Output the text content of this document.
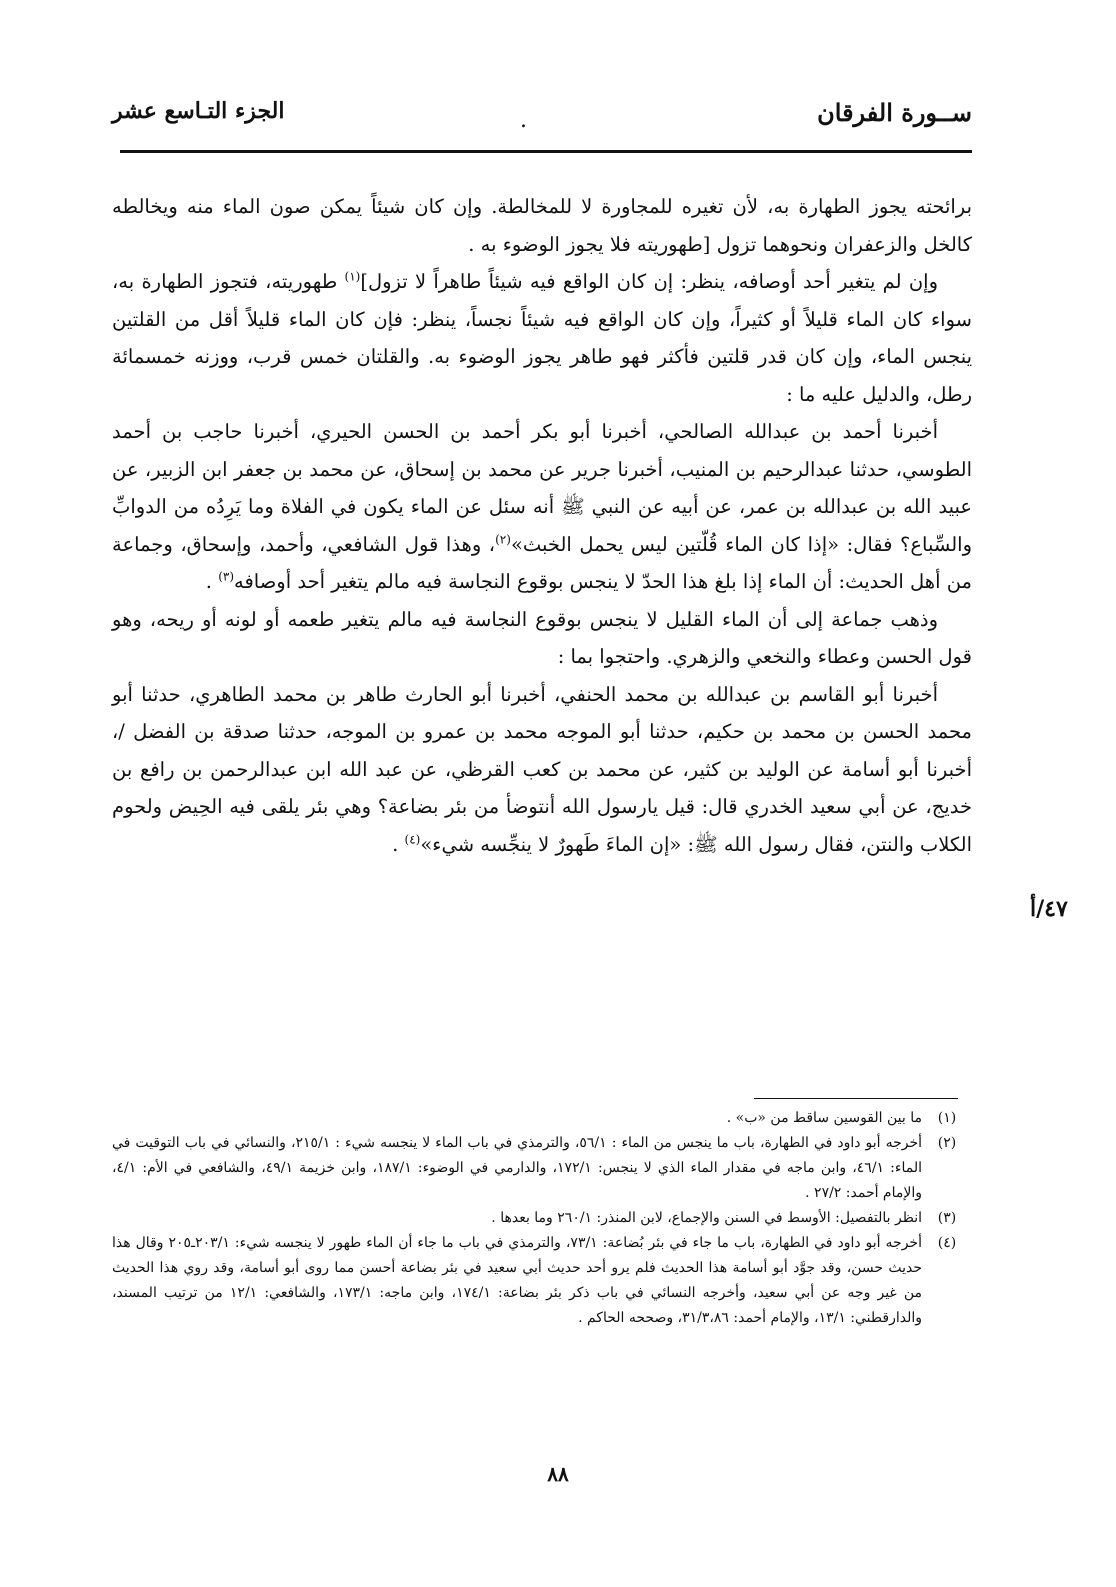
ســورة الفرقان
.
الجزء التـاسع عشر

برائحته يجوز الطهارة به، لأن تغيره للمجاورة لا للمخالطة. وإن كان شيئاً يمكن صون الماء منه ويخالطه كالخل والزعفران ونحوهما تزول [طهوريته فلا يجوز الوضوء به .

وإن لم يتغير أحد أوصافه، ينظر: إن كان الواقع فيه شيئاً طاهراً لا تزول]$^{(١)}$ طهوريته، فتجوز الطهارة به، سواء كان الماء قليلاً أو كثيراً، وإن كان الواقع فيه شيئاً نجساً، ينظر: فإن كان الماء قليلاً أقل من القلتين ينجس الماء، وإن كان قدر قلتين فأكثر فهو طاهر يجوز الوضوء به. والقلتان خمس قرب، ووزنه خمسمائة رطل، والدليل عليه ما :

أخبرنا أحمد بن عبدالله الصالحي، أخبرنا أبو بكر أحمد بن الحسن الحيري، أخبرنا حاجب بن أحمد الطوسي، حدثنا عبدالرحيم بن المنيب، أخبرنا جرير عن محمد بن إسحاق، عن محمد بن جعفر ابن الزبير، عن عبيد الله بن عبدالله بن عمر، عن أبيه عن النبي ﷺ أنه سئل عن الماء يكون في الفلاة وما يَرِدُه من الدوابِّ والسِّباع؟ فقال: «إذا كان الماء قُلّتين ليس يحمل الخبث»$^{(٢)}$، وهذا قول الشافعي، وأحمد، وإسحاق، وجماعة من أهل الحديث: أن الماء إذا بلغ هذا الحدّ لا ينجس بوقوع النجاسة فيه مالم يتغير أحد أوصافه$^{(٣)}$ .

وذهب جماعة إلى أن الماء القليل لا ينجس بوقوع النجاسة فيه مالم يتغير طعمه أو لونه أو ريحه، وهو قول الحسن وعطاء والنخعي والزهري. واحتجوا بما :

أخبرنا أبو القاسم بن عبدالله بن محمد الحنفي، أخبرنا أبو الحارث طاهر بن محمد الطاهري، حدثنا أبو محمد الحسن بن محمد بن حكيم، حدثنا أبو الموجه محمد بن عمرو بن الموجه، حدثنا صدقة بن الفضل /، أخبرنا أبو أسامة عن الوليد بن كثير، عن محمد بن كعب القرظي، عن عبد الله ابن عبدالرحمن بن رافع بن خديج، عن أبي سعيد الخدري قال: قيل يارسول الله أنتوضأ من بئر بضاعة؟ وهي بئر يلقى فيه الحِيض ولحوم الكلاب والنتن، فقال رسول الله ﷺ: «إن الماءَ طَهورٌ لا ينجِّسه شيء»$^{(٤)}$ .

٤٧/أ
(١)
ما بين القوسين ساقط من «ب» .
(٢)
أخرجه أبو داود في الطهارة، باب ما ينجس من الماء : ٥٦/١، والترمذي في باب الماء لا ينجسه شيء : ٢١٥/١، والنسائي في باب التوقيت في الماء: ٤٦/١، وابن ماجه في مقدار الماء الذي لا ينجس: ١٧٢/١، والدارمي في الوضوء: ١٨٧/١، وابن خزيمة ٤٩/١، والشافعي في الأم: ٤/١، والإمام أحمد: ٢٧/٢ .
(٣)
انظر بالتفصيل: الأوسط في السنن والإجماع، لابن المنذر: ٢٦٠/١ وما بعدها .
(٤)
أخرجه أبو داود في الطهارة، باب ما جاء في بئر بُضاعة: ٧٣/١، والترمذي في باب ما جاء أن الماء طهور لا ينجسه شيء: ٢٠٣/١ـ٢٠٥ وقال هذا حديث حسن، وقد جوَّد أبو أسامة هذا الحديث فلم يرو أحد حديث أبي سعيد في بئر بضاعة أحسن مما روى أبو أسامة، وقد روي هذا الحديث من غير وجه عن أبي سعيد، وأخرجه النسائي في باب ذكر بئر بضاعة: ١٧٤/١، وابن ماجه: ١٧٣/١، والشافعي: ١٢/١ من ترتيب المسند، والدارقطني: ١٣/١، والإمام أحمد: ٣١/٣،٨٦، وصححه الحاكم .
٨٨
